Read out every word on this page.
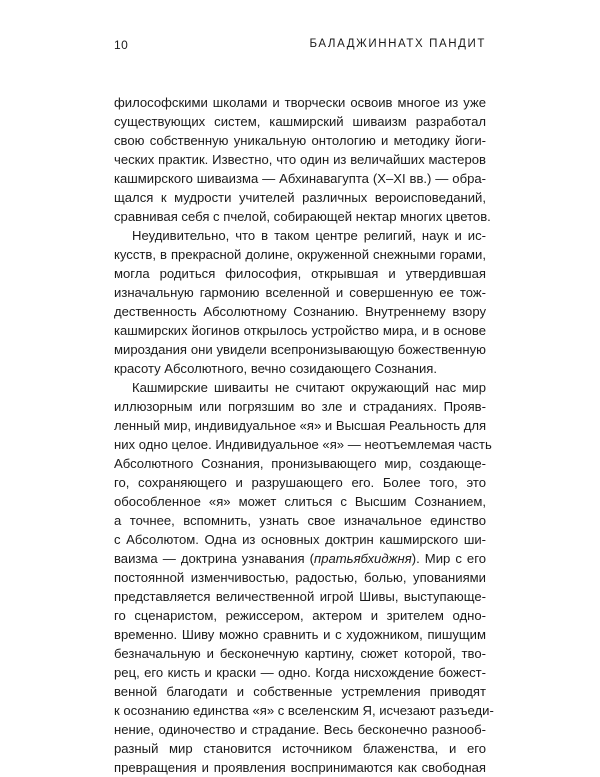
10	БАЛАДЖИННАТХ ПАНДИТ
философскими школами и творчески освоив многое из уже
существующих систем, кашмирский шиваизм разработал
свою собственную уникальную онтологию и методику йоги-
ческих практик. Известно, что один из величайших мастеров
кашмирского шиваизма — Абхинавагупта (X–XI вв.) — обра-
щался к мудрости учителей различных вероисповеданий,
сравнивая себя с пчелой, собирающей нектар многих цветов.
Неудивительно, что в таком центре религий, наук и ис-
кусств, в прекрасной долине, окруженной снежными горами,
могла родиться философия, открывшая и утвердившая
изначальную гармонию вселенной и совершенную ее тож-
дественность Абсолютному Сознанию. Внутреннему взору
кашмирских йогинов открылось устройство мира, и в основе
мироздания они увидели всепронизывающую божественную
красоту Абсолютного, вечно созидающего Сознания.
Кашмирские шиваиты не считают окружающий нас мир
иллюзорным или погрязшим во зле и страданиях. Прояв-
ленный мир, индивидуальное «я» и Высшая Реальность для
них одно целое. Индивидуальное «я» — неотъемлемая часть
Абсолютного Сознания, пронизывающего мир, создающе-
го, сохраняющего и разрушающего его. Более того, это
обособленное «я» может слиться с Высшим Сознанием,
а точнее, вспомнить, узнать свое изначальное единство
с Абсолютом. Одна из основных доктрин кашмирского ши-
ваизма — доктрина узнавания (пратьябхиджня). Мир с его
постоянной изменчивостью, радостью, болью, упованиями
представляется величественной игрой Шивы, выступающе-
го сценаристом, режиссером, актером и зрителем одно-
временно. Шиву можно сравнить и с художником, пишущим
безначальную и бесконечную картину, сюжет которой, тво-
рец, его кисть и краски — одно. Когда нисхождение божест-
венной благодати и собственные устремления приводят
к осознанию единства «я» с вселенским Я, исчезают разъеди-
нение, одиночество и страдание. Весь бесконечно разнооб-
разный мир становится источником блаженства, и его
превращения и проявления воспринимаются как свободная
